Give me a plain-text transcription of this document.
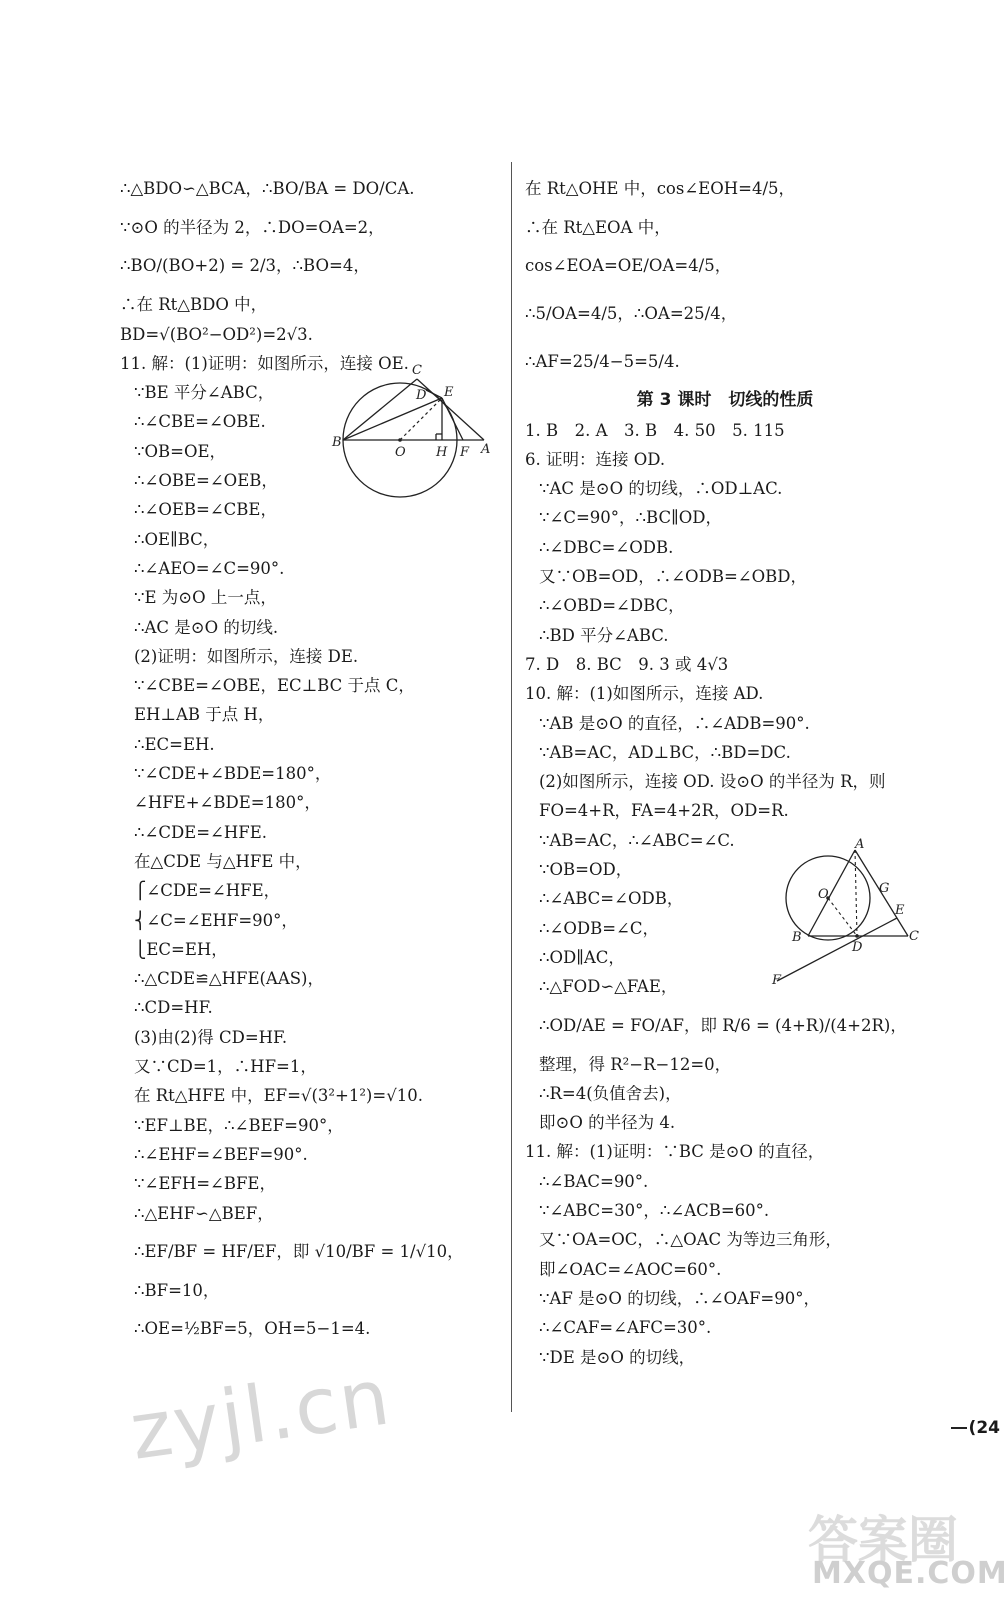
∴△BDO∽△BCA，∴BO/BA = DO/CA.
∵⊙O 的半径为 2，∴DO=OA=2，
∴BO/(BO+2) = 2/3，∴BO=4，
∴在 Rt△BDO 中，
BD=√(BO²−OD²)=2√3.
11. 解：(1)证明：如图所示，连接 OE.
∵BE 平分∠ABC，
∴∠CBE=∠OBE.
∵OB=OE，
∴∠OBE=∠OEB，
∴∠OEB=∠CBE，
∴OE∥BC，
∴∠AEO=∠C=90°.
∵E 为⊙O 上一点，
∴AC 是⊙O 的切线.
(2)证明：如图所示，连接 DE.
∵∠CBE=∠OBE，EC⊥BC 于点 C，
EH⊥AB 于点 H，
∴EC=EH.
∵∠CDE+∠BDE=180°，
∠HFE+∠BDE=180°，
∴∠CDE=∠HFE.
在△CDE 与△HFE 中，
⎧∠CDE=∠HFE，
⎨∠C=∠EHF=90°，
⎩EC=EH，
∴△CDE≌△HFE(AAS)，
∴CD=HF.
(3)由(2)得 CD=HF.
又∵CD=1，∴HF=1，
在 Rt△HFE 中，EF=√(3²+1²)=√10.
∵EF⊥BE，∴∠BEF=90°，
∴∠EHF=∠BEF=90°.
∵∠EFH=∠BFE，
∴△EHF∽△BEF，
∴EF/BF = HF/EF，即 √10/BF = 1/√10，
∴BF=10，
∴OE=½BF=5，OH=5−1=4.
在 Rt△OHE 中，cos∠EOH=4/5，
∴在 Rt△EOA 中，
cos∠EOA=OE/OA=4/5，
∴5/OA=4/5，∴OA=25/4，
∴AF=25/4−5=5/4.
第 3 课时　切线的性质
1. B　2. A　3. B　4. 50　5. 115
6. 证明：连接 OD.
∵AC 是⊙O 的切线，∴OD⊥AC.
∵∠C=90°，∴BC∥OD，
∴∠DBC=∠ODB.
又∵OB=OD，∴∠ODB=∠OBD，
∴∠OBD=∠DBC，
∴BD 平分∠ABC.
7. D　8. BC　9. 3 或 4√3
10. 解：(1)如图所示，连接 AD.
∵AB 是⊙O 的直径，∴∠ADB=90°.
∵AB=AC，AD⊥BC，∴BD=DC.
(2)如图所示，连接 OD. 设⊙O 的半径为 R，则
FO=4+R，FA=4+2R，OD=R.
∵AB=AC，∴∠ABC=∠C.
∵OB=OD，
∴∠ABC=∠ODB，
∴∠ODB=∠C，
∴OD∥AC，
∴△FOD∽△FAE，
∴OD/AE = FO/AF，即 R/6 = (4+R)/(4+2R)，
整理，得 R²−R−12=0，
∴R=4(负值舍去)，
即⊙O 的半径为 4.
11. 解：(1)证明：∵BC 是⊙O 的直径，
∴∠BAC=90°.
∵∠ABC=30°，∴∠ACB=60°.
又∵OA=OC，∴△OAC 为等边三角形，
即∠OAC=∠AOC=60°.
∵AF 是⊙O 的切线，∴∠OAF=90°，
∴∠CAF=∠AFC=30°.
∵DE 是⊙O 的切线，
C
D E
B
O H F A
A
O	G
E
B
D
C
F
(24
zyjl.cn
答案圈
MXQE.COM
